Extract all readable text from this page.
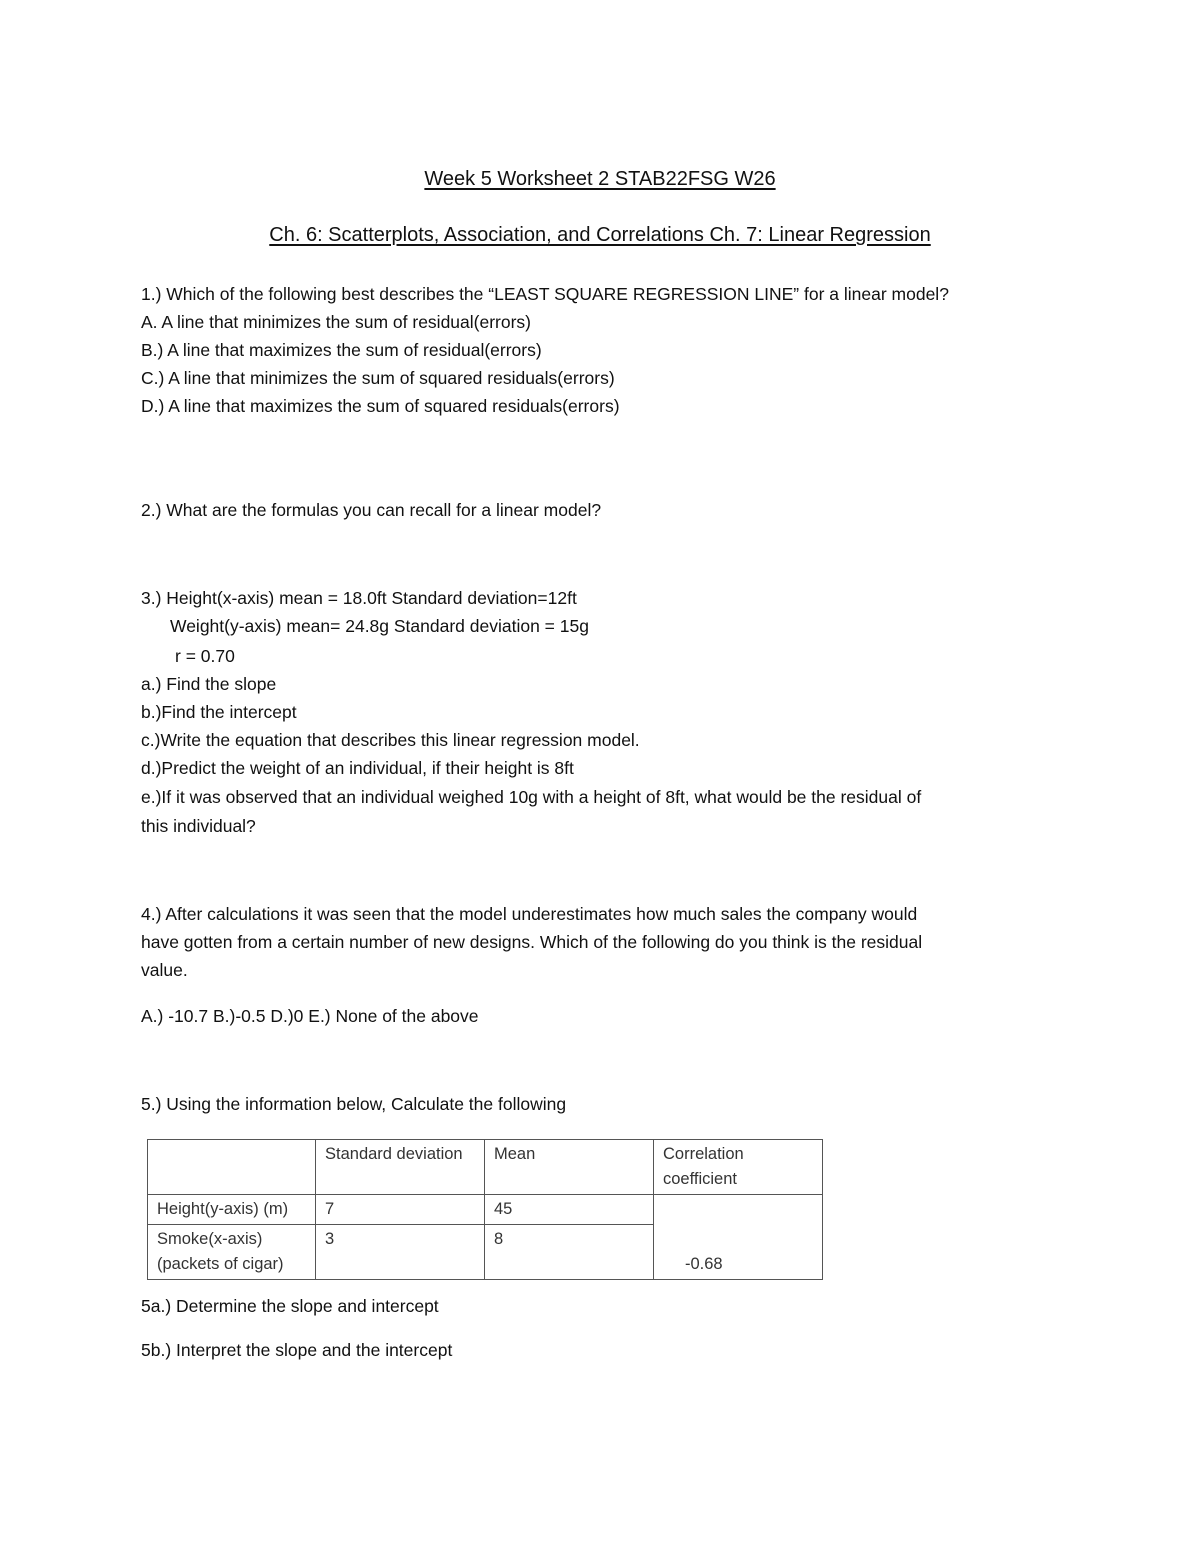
Week 5 Worksheet 2 STAB22FSG W26
Ch. 6: Scatterplots, Association, and Correlations Ch. 7: Linear Regression
1.) Which of the following best describes the “LEAST SQUARE REGRESSION LINE” for a linear model?
A. A line that minimizes the sum of residual(errors)
B.) A line that maximizes the sum of residual(errors)
C.) A line that minimizes the sum of squared residuals(errors)
D.) A line that maximizes the sum of squared residuals(errors)
2.) What are the formulas you can recall for a linear model?
3.) Height(x-axis) mean = 18.0ft Standard deviation=12ft
Weight(y-axis) mean= 24.8g Standard deviation = 15g
r = 0.70
a.) Find the slope
b.)Find the intercept
c.)Write the equation that describes this linear regression model.
d.)Predict the weight of an individual, if their height is 8ft
e.)If it was observed that an individual weighed 10g with a height of 8ft, what would be the residual of
this individual?
4.) After calculations it was seen that the model underestimates how much sales the company would
have gotten from a certain number of new designs. Which of the following do you think is the residual
value.
A.) -10.7 B.)-0.5 D.)0 E.) None of the above
5.) Using the information below, Calculate the following
	Standard deviation	Mean	Correlation coefficient
Height(y-axis) (m)	7	45	-0.68

Smoke(x-axis) (packets of cigar)	3	8	
5a.) Determine the slope and intercept
5b.) Interpret the slope and the intercept
